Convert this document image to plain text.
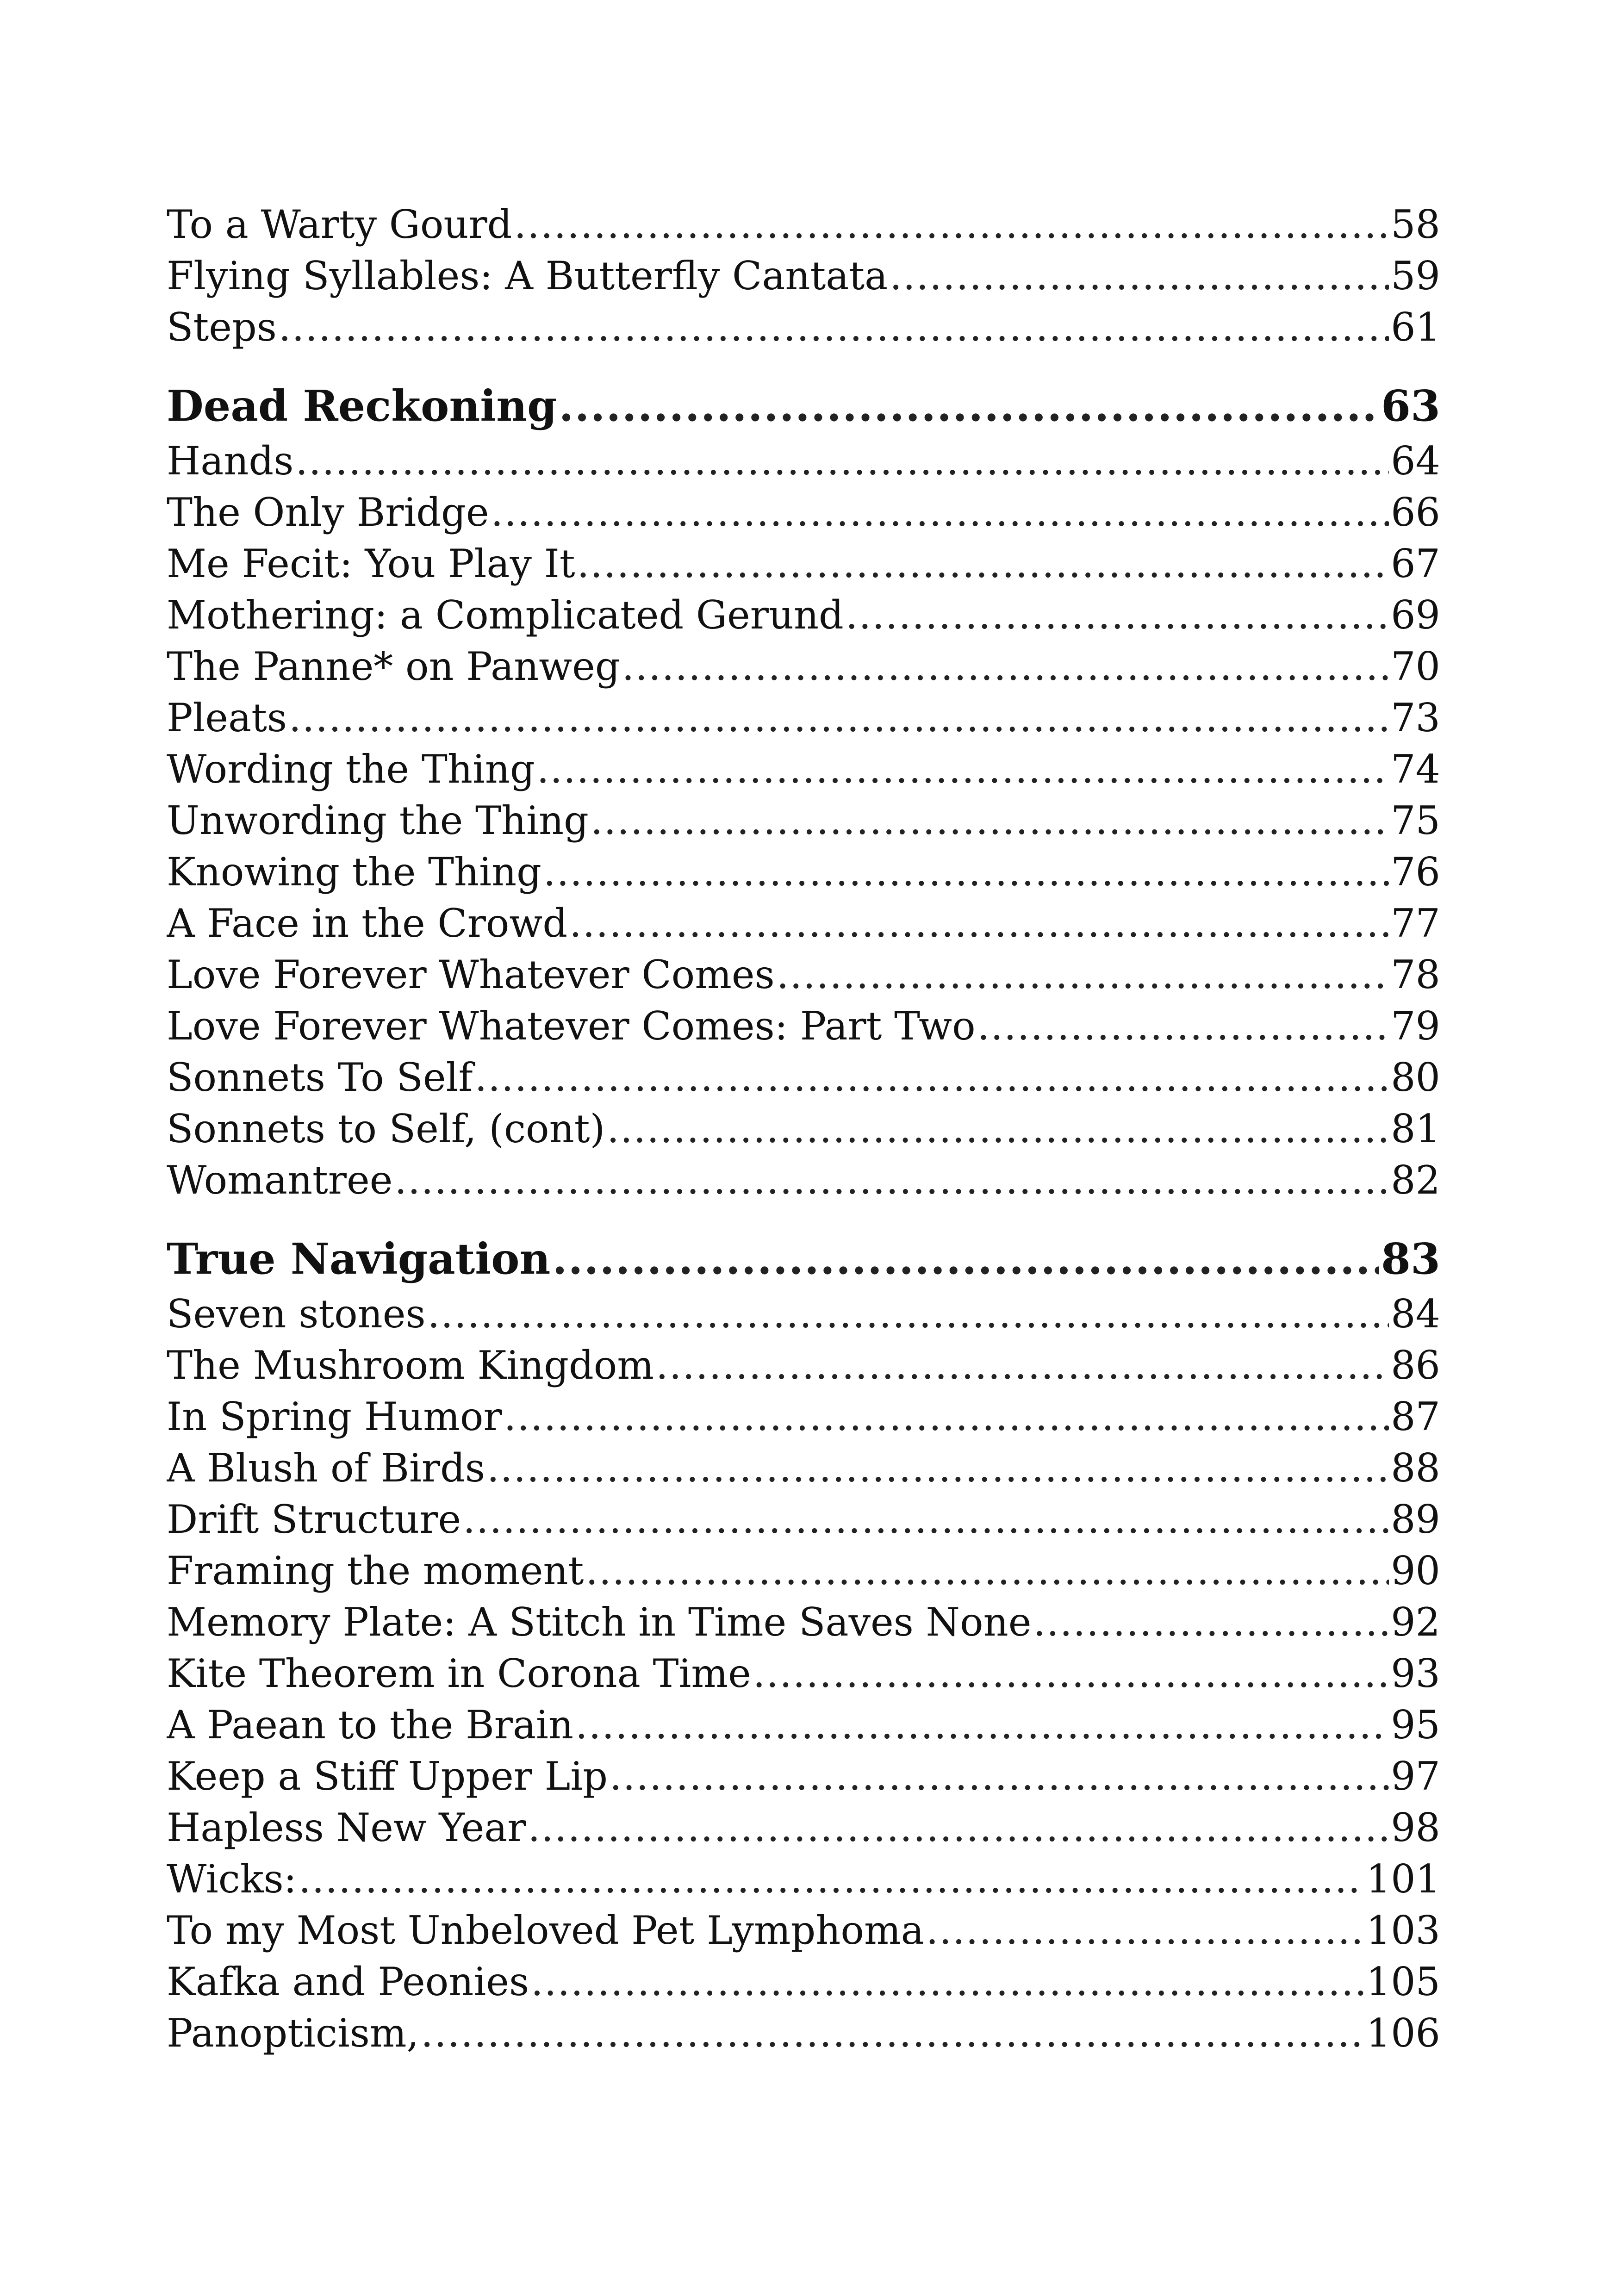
To a Warty Gourd .....	58
Flying Syllables: A Butterfly Cantata .....	59
Steps .....	61
Dead Reckoning .....	63
Hands .....	64
The Only Bridge .....	66
Me Fecit: You Play It .....	67
Mothering: a Complicated Gerund .....	69
The Panne* on Panweg .....	70
Pleats .....	73
Wording the Thing .....	74
Unwording the Thing .....	75
Knowing the Thing .....	76
A Face in the Crowd .....	77
Love Forever Whatever Comes .....	78
Love Forever Whatever Comes: Part Two .....	79
Sonnets To Self .....	80
Sonnets to Self, (cont) .....	81
Womantree .....	82
True Navigation .....	83
Seven stones .....	84
The Mushroom Kingdom .....	86
In Spring Humor .....	87
A Blush of Birds .....	88
Drift Structure .....	89
Framing the moment .....	90
Memory Plate: A Stitch in Time Saves None .....	92
Kite Theorem in Corona Time .....	93
A Paean to the Brain .....	95
Keep a Stiff Upper Lip .....	97
Hapless New Year .....	98
Wicks: .....	101
To my Most Unbeloved Pet Lymphoma .....	103
Kafka and Peonies .....	105
Panopticism, .....	106
